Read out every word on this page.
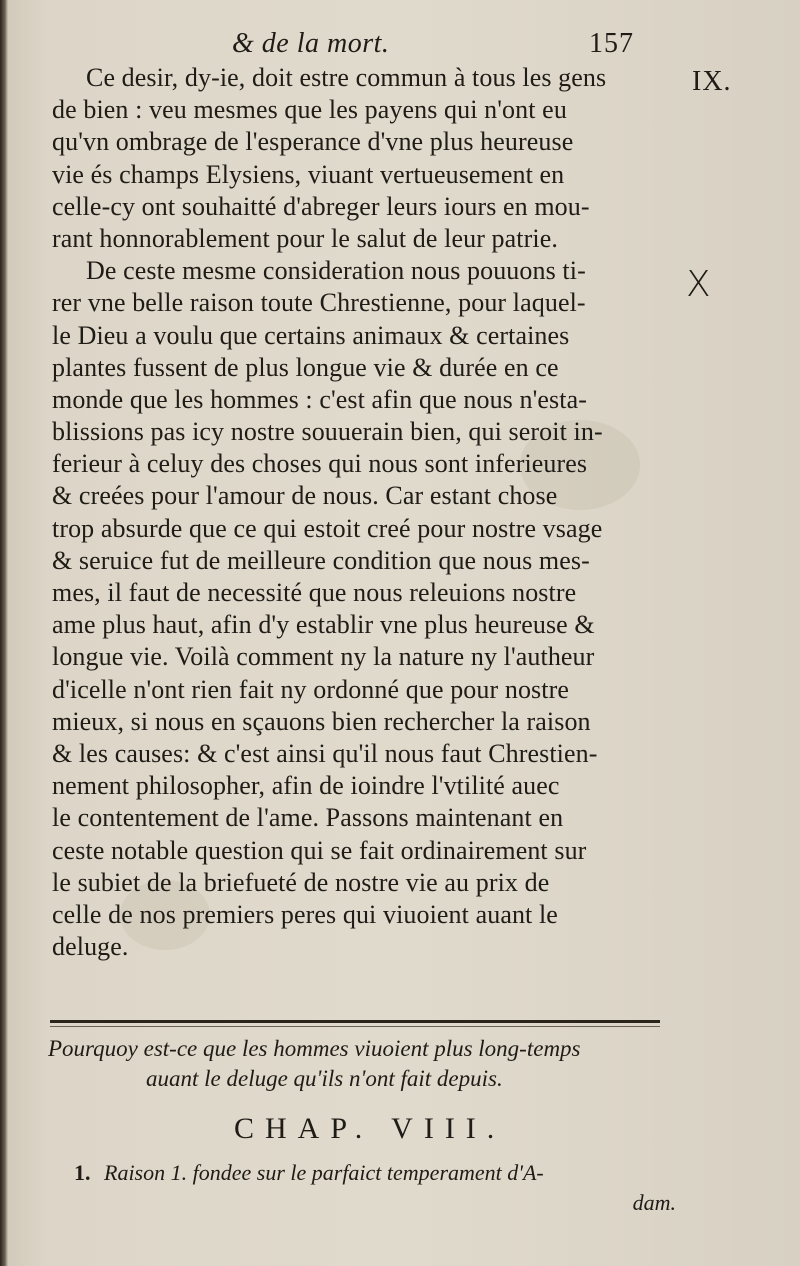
& de la mort.	157
IX.
X
Ce desir, dy-ie, doit estre commun à tous les gens
de bien : veu mesmes que les payens qui n'ont eu
qu'vn ombrage de l'esperance d'vne plus heureuse
vie és champs Elysiens, viuant vertueusement en
celle-cy ont souhaitté d'abreger leurs iours en mou-
rant honnorablement pour le salut de leur patrie.
De ceste mesme consideration nous pouuons ti-
rer vne belle raison toute Chrestienne, pour laquel-
le Dieu a voulu que certains animaux & certaines
plantes fussent de plus longue vie & durée en ce
monde que les hommes : c'est afin que nous n'esta-
blissions pas icy nostre souuerain bien, qui seroit in-
ferieur à celuy des choses qui nous sont inferieures
& creées pour l'amour de nous. Car estant chose
trop absurde que ce qui estoit creé pour nostre vsage
& seruice fut de meilleure condition que nous mes-
mes, il faut de necessité que nous releuions nostre
ame plus haut, afin d'y establir vne plus heureuse &
longue vie. Voilà comment ny la nature ny l'autheur
d'icelle n'ont rien fait ny ordonné que pour nostre
mieux, si nous en sçauons bien rechercher la raison
& les causes: & c'est ainsi qu'il nous faut Chrestien-
nement philosopher, afin de ioindre l'vtilité auec
le contentement de l'ame. Passons maintenant en
ceste notable question qui se fait ordinairement sur
le subiet de la briefueté de nostre vie au prix de
celle de nos premiers peres qui viuoient auant le
deluge.
Pourquoy est-ce que les hommes viuoient plus long-temps
auant le deluge qu'ils n'ont fait depuis.
CHAP. VIII.
1. Raison 1. fondee sur le parfaict temperament d'A-
dam.
